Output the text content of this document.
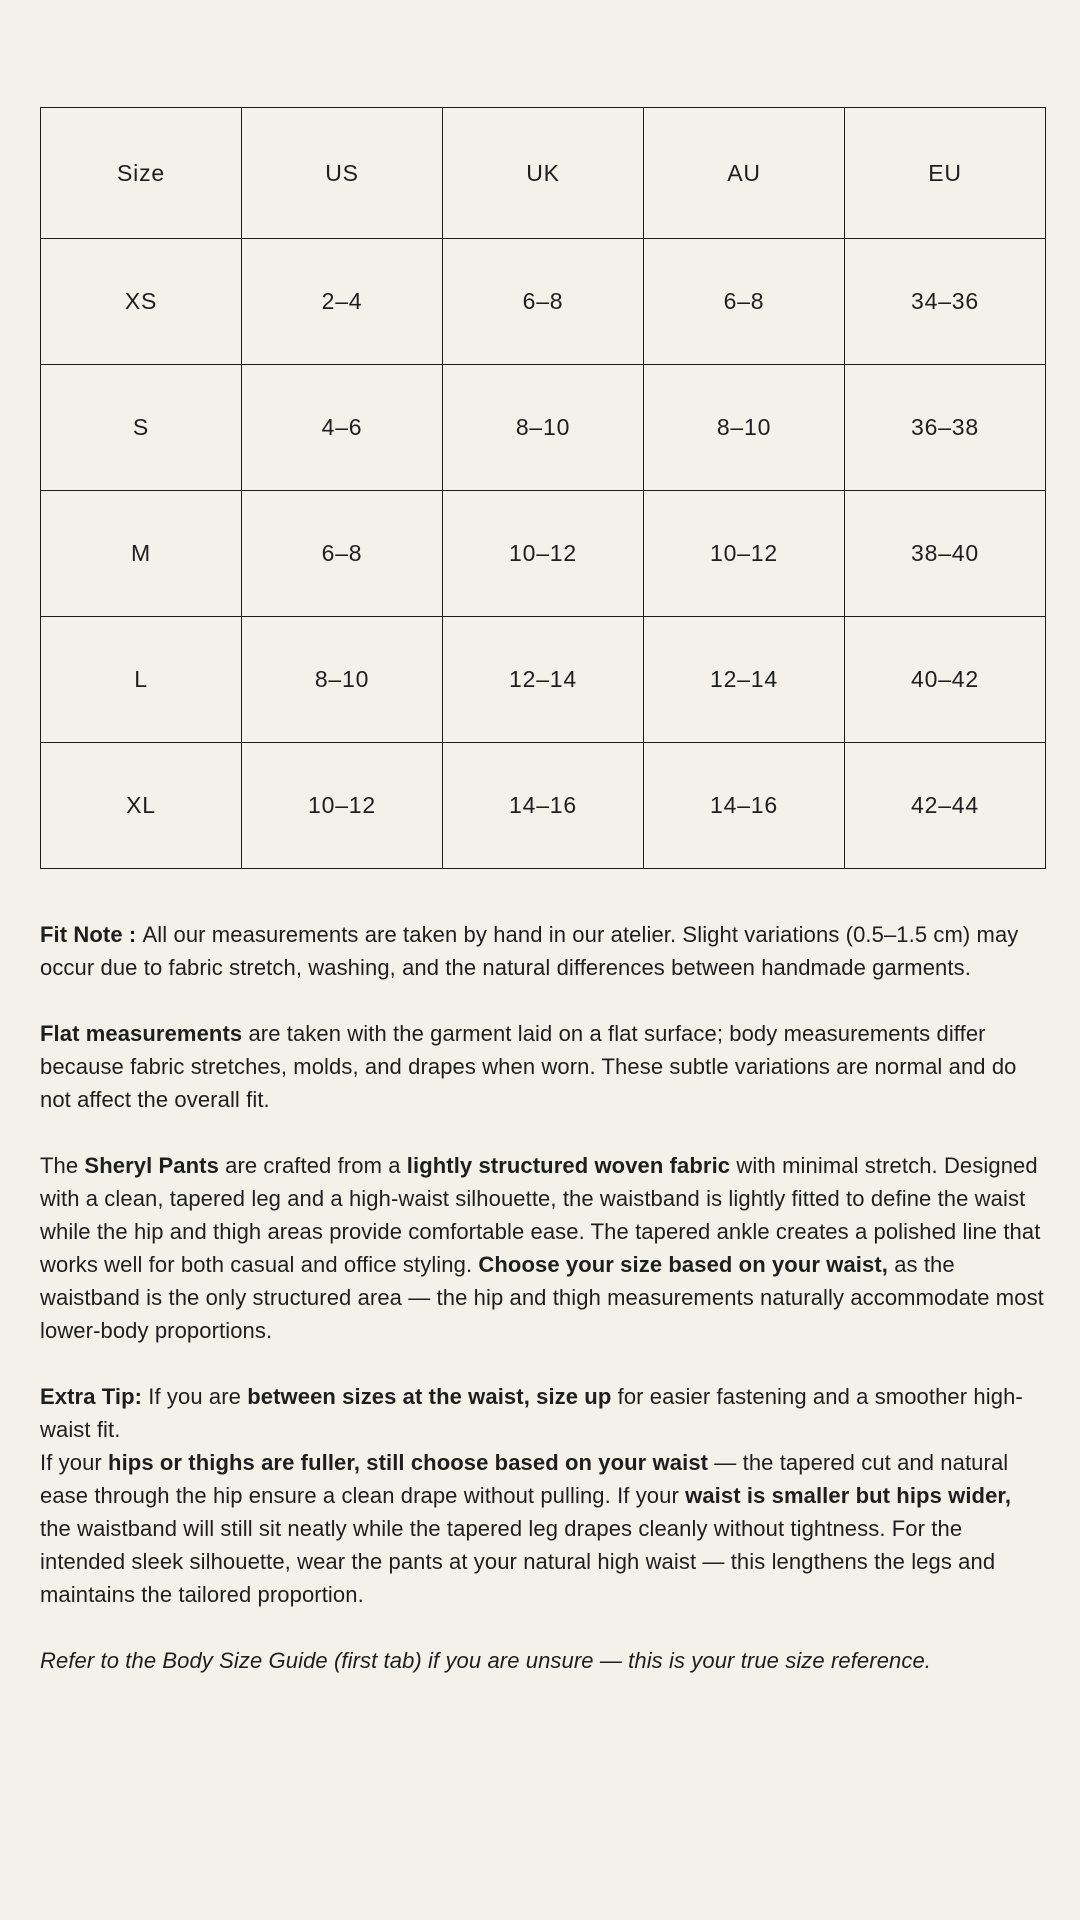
Size	US	UK	AU	EU
XS	2–4	6–8	6–8	34–36
S	4–6	8–10	8–10	36–38
M	6–8	10–12	10–12	38–40
L	8–10	12–14	12–14	40–42
XL	10–12	14–16	14–16	42–44

Fit Note : All our measurements are taken by hand in our atelier. Slight variations (0.5–1.5 cm) may occur due to fabric stretch, washing, and the natural differences between handmade garments.

Flat measurements are taken with the garment laid on a flat surface; body measurements differ because fabric stretches, molds, and drapes when worn. These subtle variations are normal and do not affect the overall fit.

The Sheryl Pants are crafted from a lightly structured woven fabric with minimal stretch. Designed with a clean, tapered leg and a high-waist silhouette, the waistband is lightly fitted to define the waist while the hip and thigh areas provide comfortable ease. The tapered ankle creates a polished line that works well for both casual and office styling. Choose your size based on your waist, as the waistband is the only structured area — the hip and thigh measurements naturally accommodate most lower-body proportions.

Extra Tip: If you are between sizes at the waist, size up for easier fastening and a smoother high-waist fit.
If your hips or thighs are fuller, still choose based on your waist — the tapered cut and natural ease through the hip ensure a clean drape without pulling. If your waist is smaller but hips wider, the waistband will still sit neatly while the tapered leg drapes cleanly without tightness. For the intended sleek silhouette, wear the pants at your natural high waist — this lengthens the legs and maintains the tailored proportion.

Refer to the Body Size Guide (first tab) if you are unsure — this is your true size reference.
